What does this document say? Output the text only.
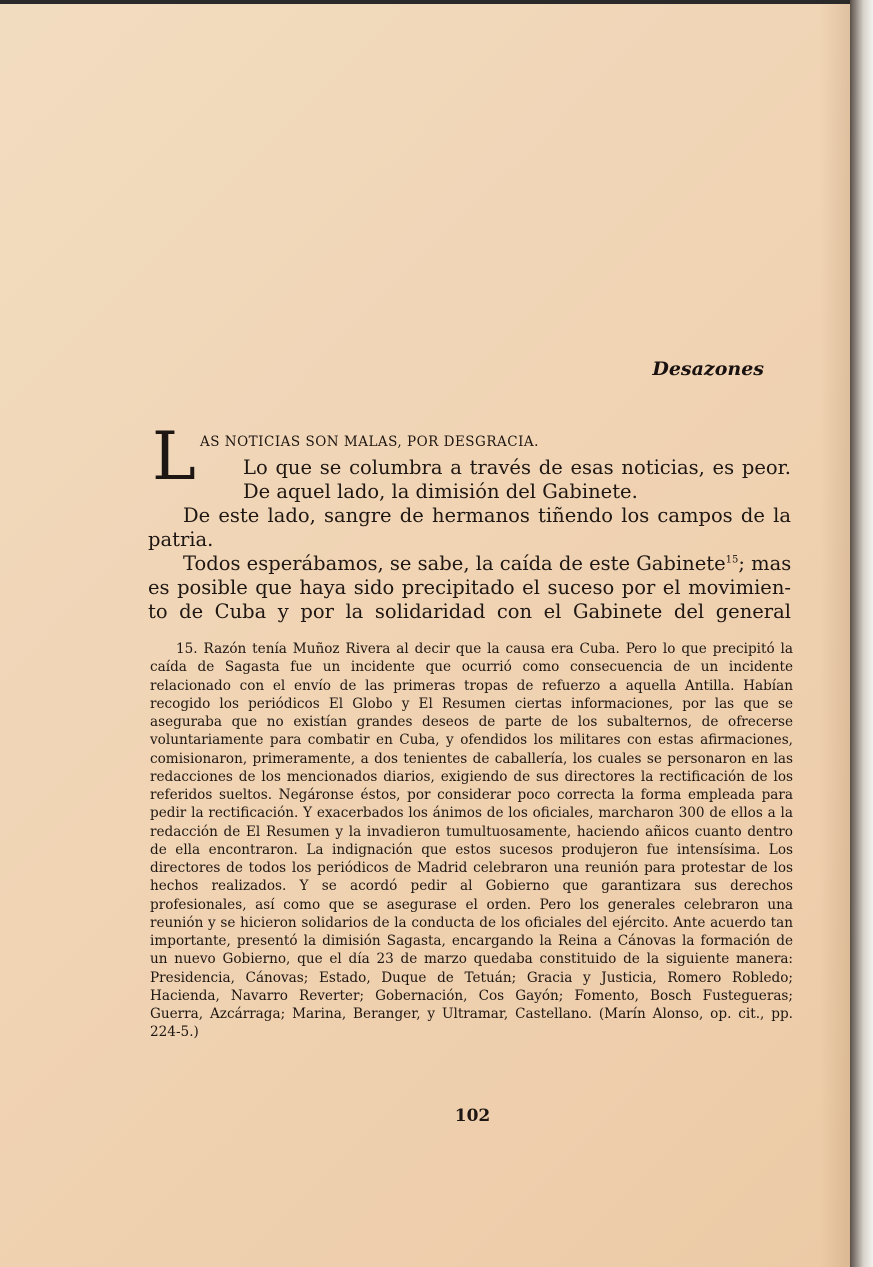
Desazones
L AS NOTICIAS SON MALAS, POR DESGRACIA.
Lo que se columbra a través de esas noticias, es peor.
De aquel lado, la dimisión del Gabinete.
De este lado, sangre de hermanos tiñendo los campos de la
patria.
Todos esperábamos, se sabe, la caída de este Gabinete$^{15}$; mas
es posible que haya sido precipitado el suceso por el movimien-
to de Cuba y por la solidaridad con el Gabinete del general

15. Razón tenía Muñoz Rivera al decir que la causa era Cuba. Pero lo que precipitó la caída de Sagasta fue un incidente que ocurrió como consecuencia de un incidente relacionado con el envío de las primeras tropas de refuerzo a aquella Antilla. Habían recogido los periódicos El Globo y El Resumen ciertas informaciones, por las que se aseguraba que no existían grandes deseos de parte de los subalternos, de ofrecerse voluntariamente para combatir en Cuba, y ofendidos los militares con estas afirmaciones, comisionaron, primeramente, a dos tenientes de caballería, los cuales se personaron en las redacciones de los mencionados diarios, exigiendo de sus directores la rectificación de los referidos sueltos. Negáronse éstos, por considerar poco correcta la forma empleada para pedir la rectificación. Y exacerbados los ánimos de los oficiales, marcharon 300 de ellos a la redacción de El Resumen y la invadieron tumultuosamente, haciendo añicos cuanto dentro de ella encontraron. La indignación que estos sucesos produjeron fue intensísima. Los directores de todos los periódicos de Madrid celebraron una reunión para protestar de los hechos realizados. Y se acordó pedir al Gobierno que garantizara sus derechos profesionales, así como que se asegurase el orden. Pero los generales celebraron una reunión y se hicieron solidarios de la conducta de los oficiales del ejército. Ante acuerdo tan importante, presentó la dimisión Sagasta, encargando la Reina a Cánovas la formación de un nuevo Gobierno, que el día 23 de marzo quedaba constituido de la siguiente manera: Presidencia, Cánovas; Estado, Duque de Tetuán; Gracia y Justicia, Romero Robledo; Hacienda, Navarro Reverter; Gobernación, Cos Gayón; Fomento, Bosch Fustegueras; Guerra, Azcárraga; Marina, Beranger, y Ultramar, Castellano. (Marín Alonso, op. cit., pp. 224-5.)

102
